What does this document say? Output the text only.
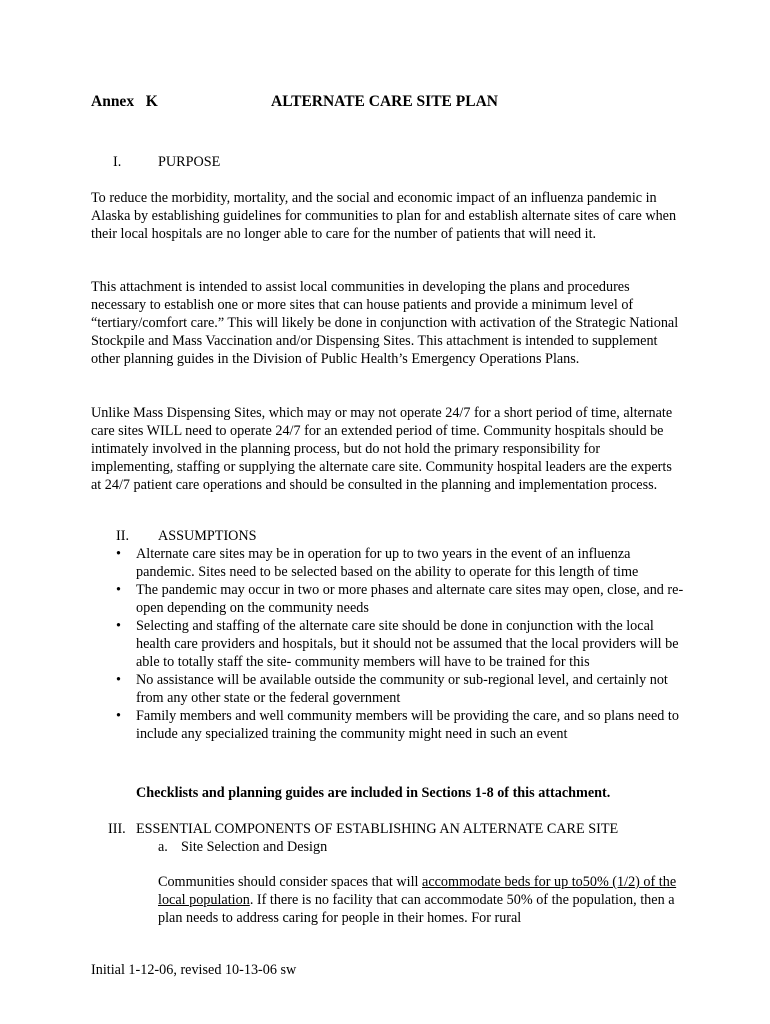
Annex   K	ALTERNATE CARE SITE PLAN
I.	PURPOSE

To reduce the morbidity, mortality, and the social and economic impact of an influenza pandemic in Alaska by establishing guidelines for communities to plan for and establish alternate sites of care when their local hospitals are no longer able to care for the number of patients that will need it.

This attachment is intended to assist local communities in developing the plans and procedures necessary to establish one or more sites that can house patients and provide a minimum level of “tertiary/comfort care.” This will likely be done in conjunction with activation of the Strategic National Stockpile and Mass Vaccination and/or Dispensing Sites. This attachment is intended to supplement other planning guides in the Division of Public Health’s Emergency Operations Plans.

Unlike Mass Dispensing Sites, which may or may not operate 24/7 for a short period of time, alternate care sites WILL need to operate 24/7 for an extended period of time. Community hospitals should be intimately involved in the planning process, but do not hold the primary responsibility for implementing, staffing or supplying the alternate care site. Community hospital leaders are the experts at 24/7 patient care operations and should be consulted in the planning and implementation process.

II. ASSUMPTIONS
• Alternate care sites may be in operation for up to two years in the event of an influenza pandemic. Sites need to be selected based on the ability to operate for this length of time
• The pandemic may occur in two or more phases and alternate care sites may open, close, and re-open depending on the community needs
• Selecting and staffing of the alternate care site should be done in conjunction with the local health care providers and hospitals, but it should not be assumed that the local providers will be able to totally staff the site- community members will have to be trained for this
• No assistance will be available outside the community or sub-regional level, and certainly not from any other state or the federal government
• Family members and well community members will be providing the care, and so plans need to include any specialized training the community might need in such an event

Checklists and planning guides are included in Sections 1-8 of this attachment.

III. ESSENTIAL COMPONENTS OF ESTABLISHING AN ALTERNATE CARE SITE
a. Site Selection and Design

Communities should consider spaces that will accommodate beds for up to50% (1/2) of the local population. If there is no facility that can accommodate 50% of the population, then a plan needs to address caring for people in their homes. For rural

Initial 1-12-06, revised 10-13-06 sw
